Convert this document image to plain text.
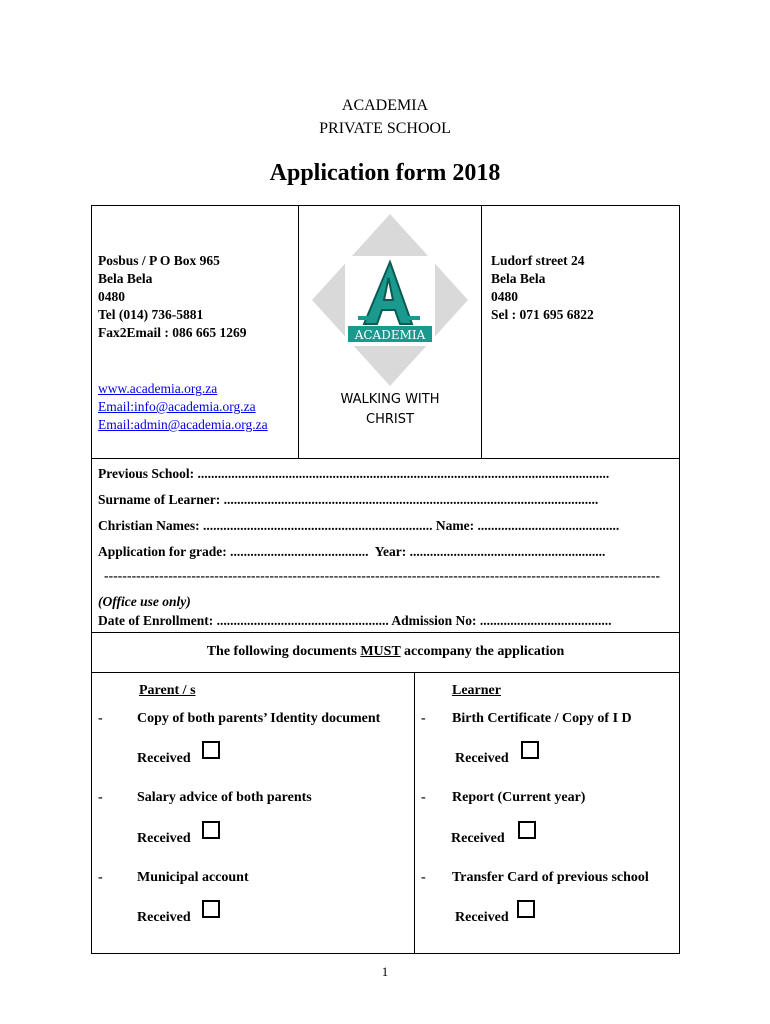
ACADEMIA
PRIVATE SCHOOL
Application form 2018
Posbus / P O Box 965
Bela Bela
0480
Tel (014) 736-5881
Fax2Email : 086 665 1269
www.academia.org.za
Email:info@academia.org.za
Email:admin@academia.org.za
ACADEMIA
WALKING WITH
CHRIST
Ludorf street 24
Bela Bela
0480
Sel : 071 695 6822
Previous School: ..........................................................................................................................
Surname of Learner: ...............................................................................................................
Christian Names: .................................................................... Name: ..........................................
Application for grade: .........................................  Year: ..........................................................
-------------------------------------------------------------------------------------------------------------------------
(Office use only)
Date of Enrollment: ................................................... Admission No: .......................................
The following documents MUST accompany the application
Parent / s	Learner
- Copy of both parents’ Identity document
Received
- Salary advice of both parents
Received
- Municipal account
Received
- Birth Certificate / Copy of I D
Received
- Report (Current year)
Received
- Transfer Card of previous school
Received
1
